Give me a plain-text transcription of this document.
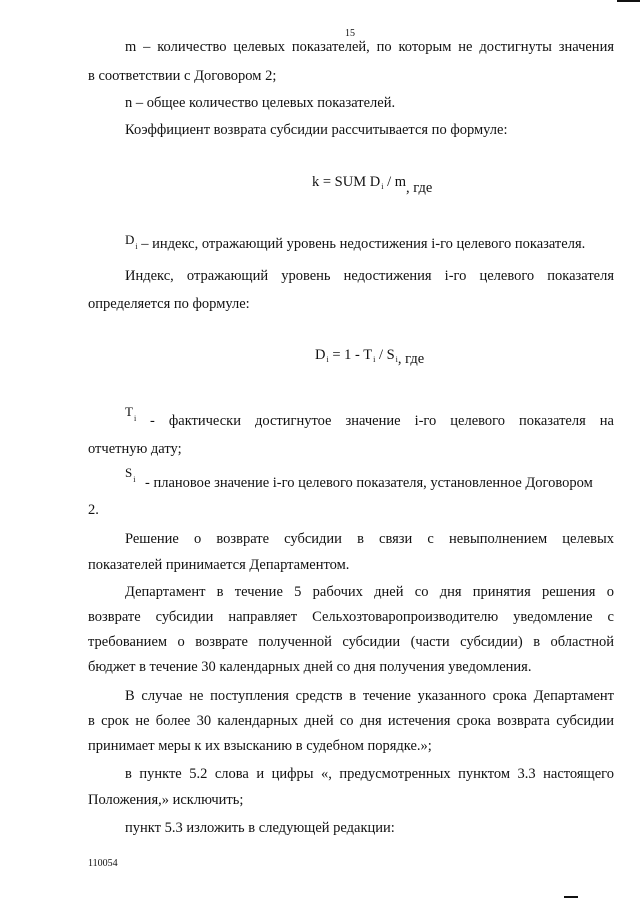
15
m – количество целевых показателей, по которым не достигнуты значения
в соответствии с Договором 2;
n – общее количество целевых показателей.
Коэффициент возврата субсидии рассчитывается по формуле:
k = SUM $D_i$ / m, где
Di – индекс, отражающий уровень недостижения i-го целевого показателя.
Индекс, отражающий уровень недостижения i-го целевого показателя
определяется по формуле:
$D_i = 1 - T_i / S_i$, где
Ti - фактически достигнутое значение i-го целевого показателя на
отчетную дату;
Si - плановое значение i-го целевого показателя, установленное Договором
2.
Решение о возврате субсидии в связи с невыполнением целевых
показателей принимается Департаментом.
Департамент в течение 5 рабочих дней со дня принятия решения о
возврате субсидии направляет Сельхозтоваропроизводителю уведомление с
требованием о возврате полученной субсидии (части субсидии) в областной
бюджет в течение 30 календарных дней со дня получения уведомления.
В случае не поступления средств в течение указанного срока Департамент
в срок не более 30 календарных дней со дня истечения срока возврата субсидии
принимает меры к их взысканию в судебном порядке.»;
в пункте 5.2 слова и цифры «, предусмотренных пунктом 3.3 настоящего
Положения,» исключить;
пункт 5.3 изложить в следующей редакции:
110054
